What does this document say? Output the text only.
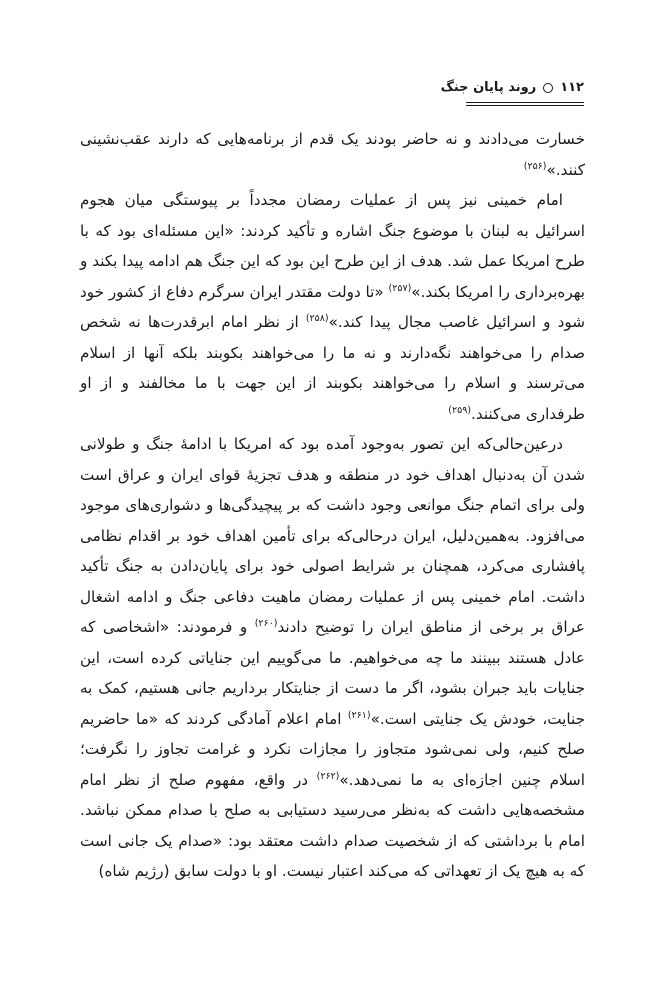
۱۱۲
روند پایان جنگ

خسارت می‌دادند و نه حاضر بودند یک قدم از برنامه‌هایی که دارند عقب‌نشینی کنند.»$^{(۲۵۶)}$

امام خمینی نیز پس از عملیات رمضان مجدداً بر پیوستگی میان هجوم اسرائیل به لبنان با موضوع جنگ اشاره و تأکید کردند: «این مسئله‌ای بود که با طرح امریکا عمل شد. هدف از این طرح این بود که این جنگ هم ادامه پیدا بکند و بهره‌برداری را امریکا بکند.»$^{(۲۵۷)}$ «تا دولت مقتدر ایران سرگرم دفاع از کشور خود شود و اسرائیل غاصب مجال پیدا کند.»$^{(۲۵۸)}$ از نظر امام ابرقدرت‌ها نه شخص صدام را می‌خواهند نگه‌دارند و نه ما را می‌خواهند بکوبند بلکه آنها از اسلام می‌ترسند و اسلام را می‌خواهند بکوبند از این جهت با ما مخالفند و از او طرفداری می‌کنند.$^{(۲۵۹)}$

درعین‌حالی‌که این تصور به‌وجود آمده بود که امریکا با ادامهٔ جنگ و طولانی شدن آن به‌دنبال اهداف خود در منطقه و هدف تجزیهٔ قوای ایران و عراق است ولی برای اتمام جنگ موانعی وجود داشت که بر پیچیدگی‌ها و دشواری‌های موجود می‌افزود. به‌همین‌دلیل، ایران درحالی‌که برای تأمین اهداف خود بر اقدام نظامی پافشاری می‌کرد، همچنان بر شرایط اصولی خود برای پایان‌دادن به جنگ تأکید داشت. امام خمینی پس از عملیات رمضان ماهیت دفاعی جنگ و ادامه اشغال عراق بر برخی از مناطق ایران را توضیح دادند$^{(۲۶۰)}$ و فرمودند: «اشخاصی که عادل هستند ببینند ما چه می‌خواهیم. ما می‌گوییم این جنایاتی کرده است، این جنایات باید جبران بشود، اگر ما دست از جنایتکار برداریم جانی هستیم، کمک به جنایت، خودش یک جنایتی است.»$^{(۲۶۱)}$ امام اعلام آمادگی کردند که «ما حاضریم صلح کنیم، ولی نمی‌شود متجاوز را مجازات نکرد و غرامت تجاوز را نگرفت؛ اسلام چنین اجازه‌ای به ما نمی‌دهد.»$^{(۲۶۲)}$ در واقع، مفهوم صلح از نظر امام مشخصه‌هایی داشت که به‌نظر می‌رسید دستیابی به صلح با صدام ممکن نباشد. امام با برداشتی که از شخصیت صدام داشت معتقد بود: «صدام یک جانی است که به هیچ یک از تعهداتی که می‌کند اعتبار نیست. او با دولت سابق (رژیم شاه)
